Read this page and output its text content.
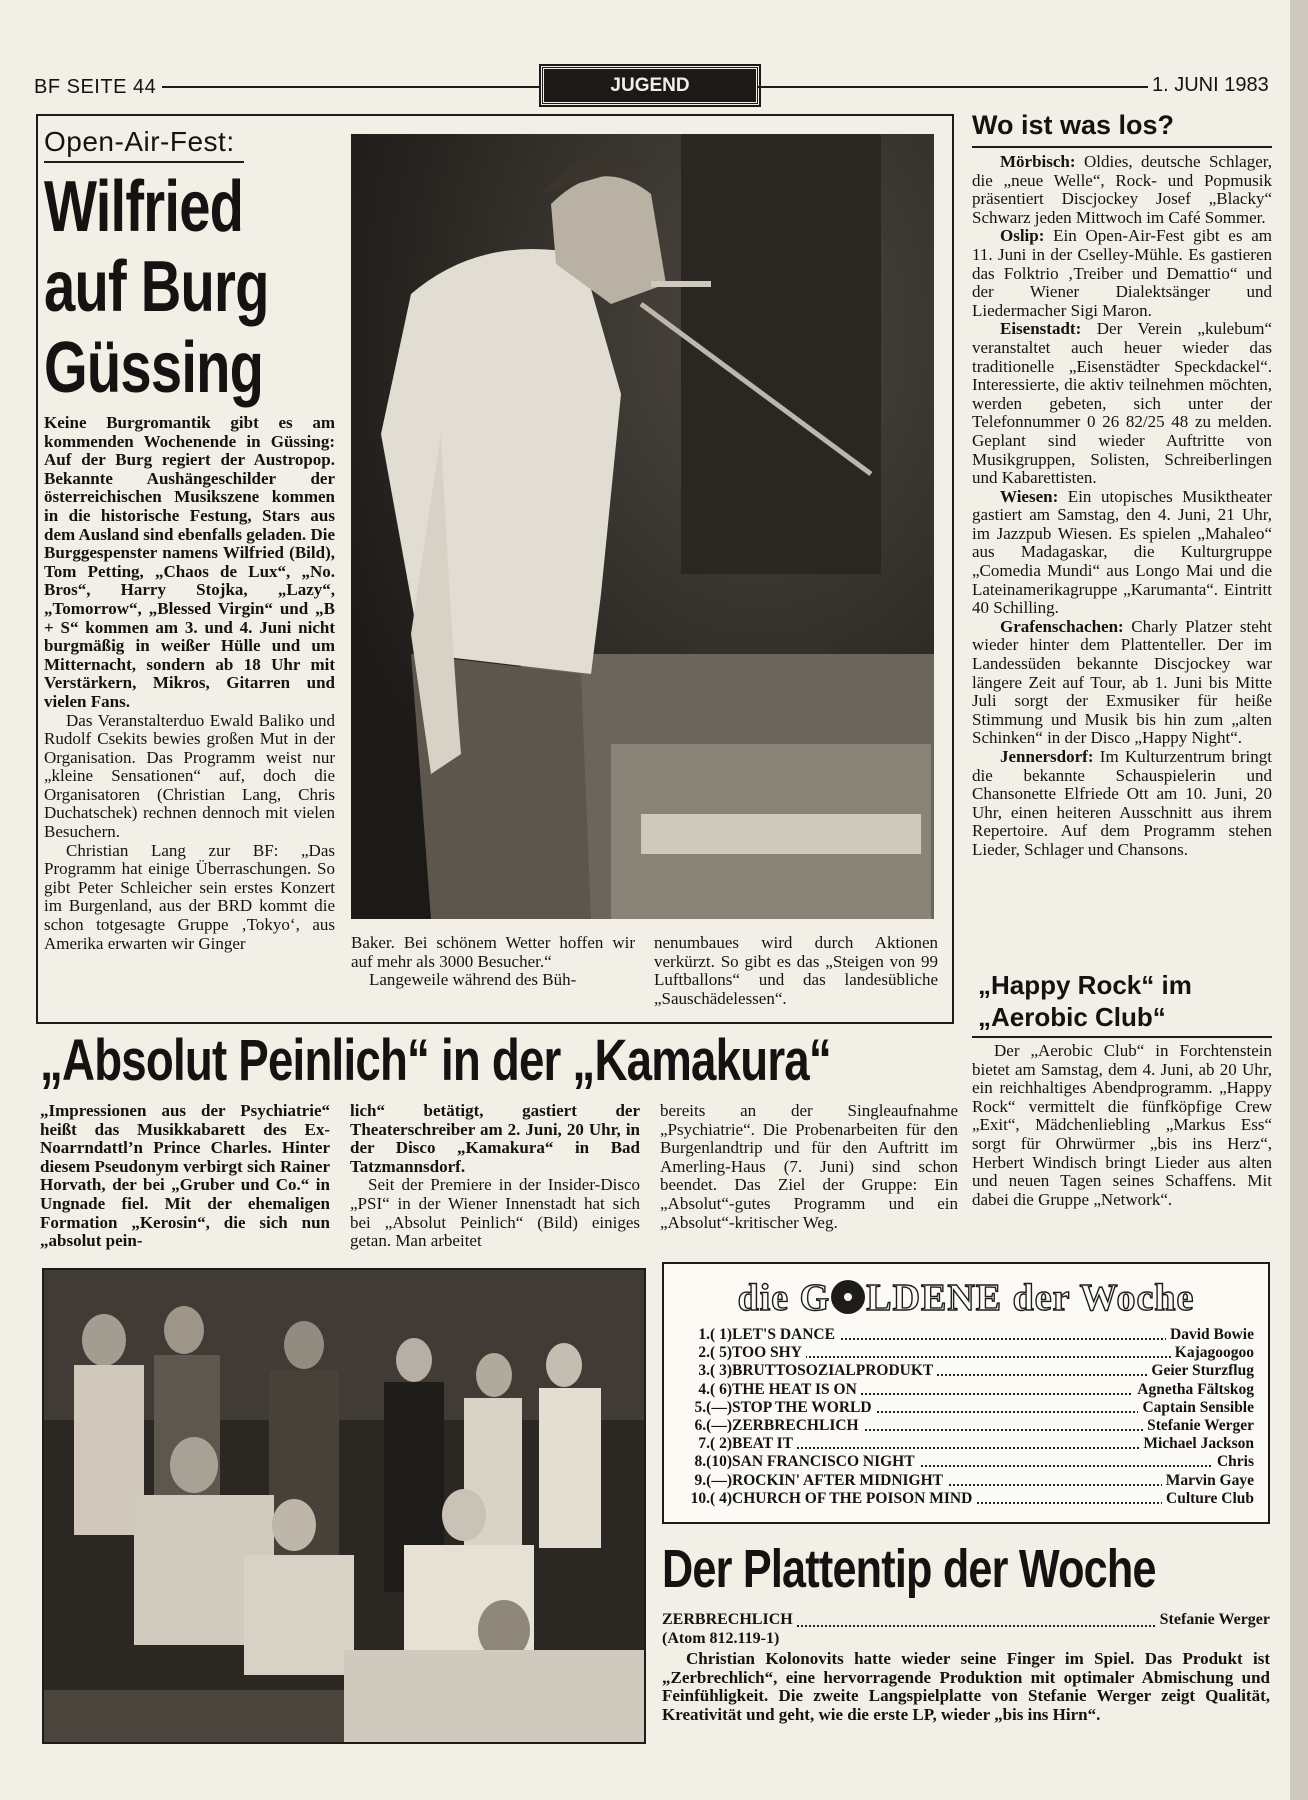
BF SEITE 44	JUGEND	1. JUNI 1983
Open-Air-Fest:
Wilfried
auf Burg
Güssing

Keine Burgromantik gibt es am kommenden Wochenende in Güssing: Auf der Burg regiert der Austropop. Bekannte Aushängeschilder der österreichischen Musikszene kommen in die historische Festung, Stars aus dem Ausland sind ebenfalls geladen. Die Burggespenster namens Wilfried (Bild), Tom Petting, „Chaos de Lux“, „No. Bros“, Harry Stojka, „Lazy“, „Tomorrow“, „Blessed Virgin“ und „B + S“ kommen am 3. und 4. Juni nicht burgmäßig in weißer Hülle und um Mitternacht, sondern ab 18 Uhr mit Verstärkern, Mikros, Gitarren und vielen Fans.

Das Veranstalterduo Ewald Baliko und Rudolf Csekits bewies großen Mut in der Organisation. Das Programm weist nur „kleine Sensationen“ auf, doch die Organisatoren (Christian Lang, Chris Duchatschek) rechnen dennoch mit vielen Besuchern.

Christian Lang zur BF: „Das Programm hat einige Überraschungen. So gibt Peter Schleicher sein erstes Konzert im Burgenland, aus der BRD kommt die schon totgesagte Gruppe ‚Tokyo‘, aus Amerika erwarten wir Ginger	Baker. Bei schönem Wetter hoffen wir auf mehr als 3000 Besucher.“

Langeweile während des Büh-

nenumbaues wird durch Aktionen verkürzt. So gibt es das „Steigen von 99 Luftballons“ und das landesübliche „Sauschädelessen“.

Wo ist was los?

Mörbisch: Oldies, deutsche Schlager, die „neue Welle“, Rock- und Popmusik präsentiert Discjockey Josef „Blacky“ Schwarz jeden Mittwoch im Café Sommer.

Oslip: Ein Open-Air-Fest gibt es am 11. Juni in der Cselley-Mühle. Es gastieren das Folktrio ‚Treiber und Demattio“ und der Wiener Dialektsänger und Liedermacher Sigi Maron.

Eisenstadt: Der Verein „kulebum“ veranstaltet auch heuer wieder das traditionelle „Eisenstädter Speckdackel“. Interessierte, die aktiv teilnehmen möchten, werden gebeten, sich unter der Telefonnummer 0 26 82/25 48 zu melden. Geplant sind wieder Auftritte von Musikgruppen, Solisten, Schreiberlingen und Kabarettisten.

Wiesen: Ein utopisches Musiktheater gastiert am Samstag, den 4. Juni, 21 Uhr, im Jazzpub Wiesen. Es spielen „Mahaleo“ aus Madagaskar, die Kulturgruppe „Comedia Mundi“ aus Longo Mai und die Lateinamerikagruppe „Karumanta“. Eintritt 40 Schilling.

Grafenschachen: Charly Platzer steht wieder hinter dem Plattenteller. Der im Landessüden bekannte Discjockey war längere Zeit auf Tour, ab 1. Juni bis Mitte Juli sorgt der Exmusiker für heiße Stimmung und Musik bis hin zum „alten Schinken“ in der Disco „Happy Night“.

Jennersdorf: Im Kulturzentrum bringt die bekannte Schauspielerin und Chansonette Elfriede Ott am 10. Juni, 20 Uhr, einen heiteren Ausschnitt aus ihrem Repertoire. Auf dem Programm stehen Lieder, Schlager und Chansons.

„Happy Rock“ im
„Aerobic Club“

Der „Aerobic Club“ in Forchtenstein bietet am Samstag, dem 4. Juni, ab 20 Uhr, ein reichhaltiges Abendprogramm. „Happy Rock“ vermittelt die fünfköpfige Crew „Exit“, Mädchenliebling „Markus Ess“ sorgt für Ohrwürmer „bis ins Herz“, Herbert Windisch bringt Lieder aus alten und neuen Tagen seines Schaffens. Mit dabei die Gruppe „Network“.

„Absolut Peinlich“ in der „Kamakura“

„Impressionen aus der Psychiatrie“ heißt das Musikkabarett des Ex-Noarrndattl’n Prince Charles. Hinter diesem Pseudonym verbirgt sich Rainer Horvath, der bei „Gruber und Co.“ in Ungnade fiel. Mit der ehemaligen Formation „Kerosin“, die sich nun „absolut pein-

lich“ betätigt, gastiert der Theaterschreiber am 2. Juni, 20 Uhr, in der Disco „Kamakura“ in Bad Tatzmannsdorf.

Seit der Premiere in der Insider-Disco „PSI“ in der Wiener Innenstadt hat sich bei „Absolut Peinlich“ (Bild) einiges getan. Man arbeitet

bereits an der Singleaufnahme „Psychiatrie“. Die Probenarbeiten für den Burgenlandtrip und für den Auftritt im Amerling-Haus (7. Juni) sind schon beendet. Das Ziel der Gruppe: Ein „Absolut“-gutes Programm und ein „Absolut“-kritischer Weg.

die G LDENE der Woche
1.( 1)LET'S DANCE	David Bowie
2.( 5)TOO SHY	Kajagoogoo
3.( 3)BRUTTOSOZIALPRODUKT	Geier Sturzflug
4.( 6)THE HEAT IS ON	Agnetha Fältskog
5.(—)STOP THE WORLD	Captain Sensible
6.(—)ZERBRECHLICH	Stefanie Werger
7.( 2)BEAT IT	Michael Jackson
8.(10)SAN FRANCISCO NIGHT	Chris
9.(—)ROCKIN' AFTER MIDNIGHT	Marvin Gaye
10.( 4)CHURCH OF THE POISON MIND	Culture Club
Der Plattentip der Woche
ZERBRECHLICH	Stefanie Werger
(Atom 812.119-1)

Christian Kolonovits hatte wieder seine Finger im Spiel. Das Produkt ist „Zerbrechlich“, eine hervorragende Produktion mit optimaler Abmischung und Feinfühligkeit. Die zweite Langspielplatte von Stefanie Werger zeigt Qualität, Kreativität und geht, wie die erste LP, wieder „bis ins Hirn“.
